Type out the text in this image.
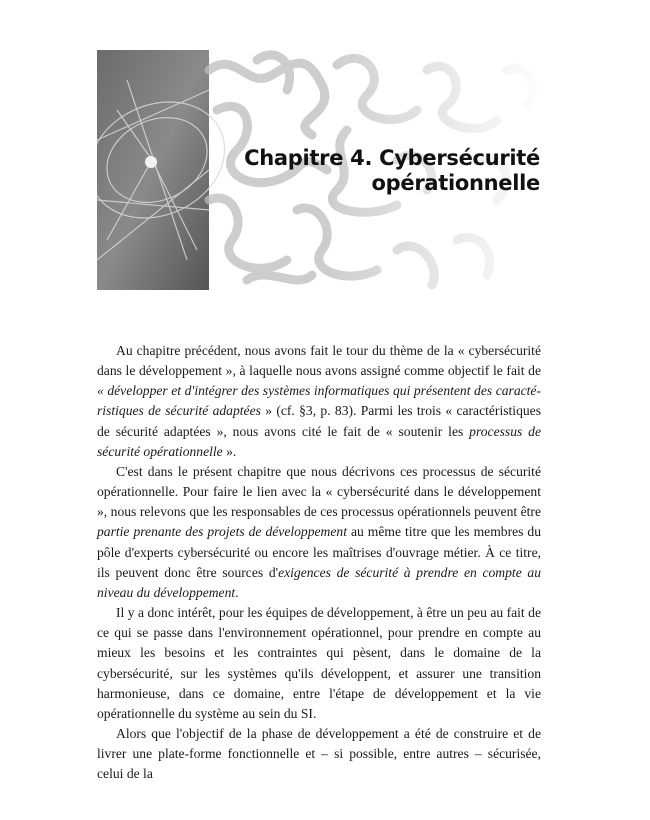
Chapitre 4. Cybersécurité
opérationnelle

Au chapitre précédent, nous avons fait le tour du thème de la « cybersécurité dans le développement », à laquelle nous avons assigné comme objectif le fait de « développer et d'intégrer des systèmes informatiques qui présentent des caractéristiques de sécurité adaptées » (cf. §3, p. 83). Parmi les trois « caractéristiques de sécurité adaptées », nous avons cité le fait de « soutenir les processus de sécurité opérationnelle ».

C'est dans le présent chapitre que nous décrivons ces processus de sécurité opérationnelle. Pour faire le lien avec la « cybersécurité dans le développement », nous relevons que les responsables de ces processus opérationnels peuvent être partie prenante des projets de développement au même titre que les membres du pôle d'experts cybersécurité ou encore les maîtrises d'ouvrage métier. À ce titre, ils peuvent donc être sources d'exigences de sécurité à prendre en compte au niveau du développement.

Il y a donc intérêt, pour les équipes de développement, à être un peu au fait de ce qui se passe dans l'environnement opérationnel, pour prendre en compte au mieux les besoins et les contraintes qui pèsent, dans le domaine de la cybersécurité, sur les systèmes qu'ils développent, et assurer une transition harmonieuse, dans ce domaine, entre l'étape de développement et la vie opérationnelle du système au sein du SI.

Alors que l'objectif de la phase de développement a été de construire et de livrer une plate-forme fonctionnelle et – si possible, entre autres – sécurisée, celui de la
